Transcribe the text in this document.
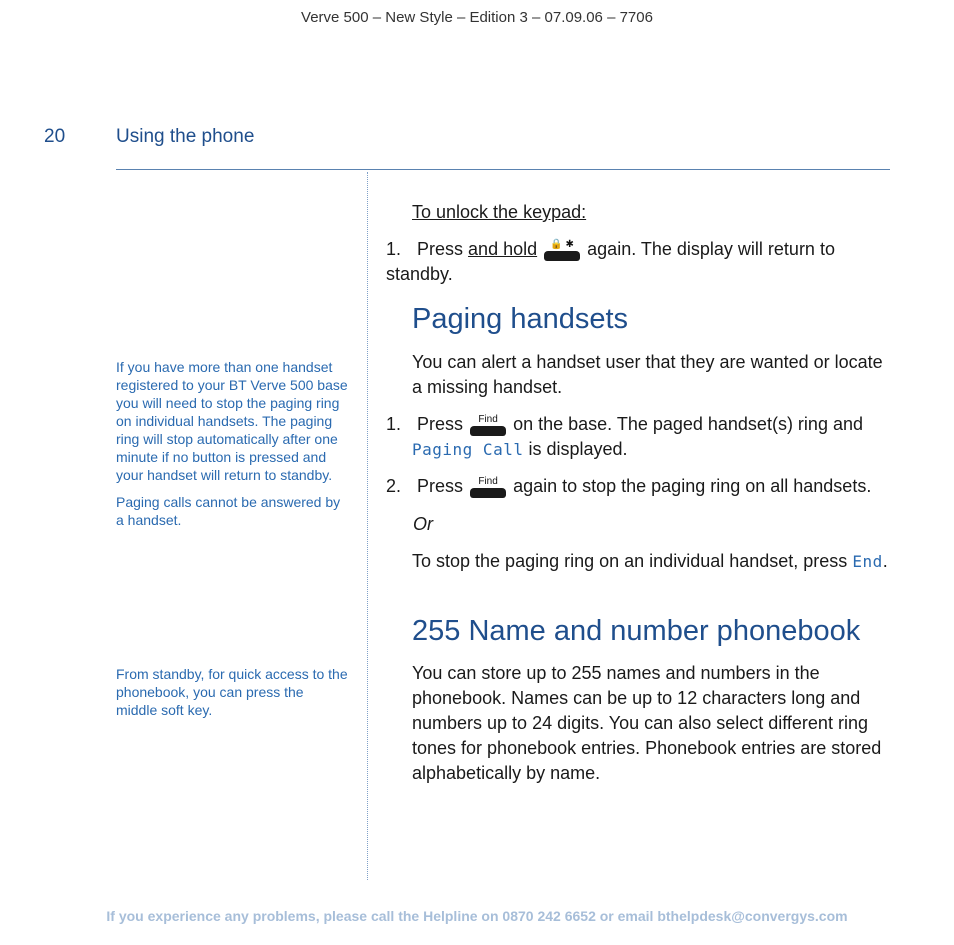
Verve 500 – New Style – Edition 3 – 07.09.06 – 7706
20	Using the phone

If you have more than one handset registered to your BT Verve 500 base you will need to stop the paging ring on individual handsets. The paging ring will stop automatically after one minute if no button is pressed and your handset will return to standby.

Paging calls cannot be answered by a handset.

From standby, for quick access to the phonebook, you can press the middle soft key.

To unlock the keypad:
1. Press and hold	🔒 ✱ again. The display will return to standby.
Paging handsets
You can alert a handset user that they are wanted or locate a missing handset.
1. Press	Find on the base. The paged handset(s) ring and
Paging Call is displayed.
2. Press	Find again to stop the paging ring on all handsets.
Or
To stop the paging ring on an individual handset, press End.
255 Name and number phonebook
You can store up to 255 names and numbers in the phonebook. Names can be up to 12 characters long and numbers up to 24 digits. You can also select different ring tones for phonebook entries. Phonebook entries are stored alphabetically by name.
If you experience any problems, please call the Helpline on 0870 242 6652 or email bthelpdesk@convergys.com
